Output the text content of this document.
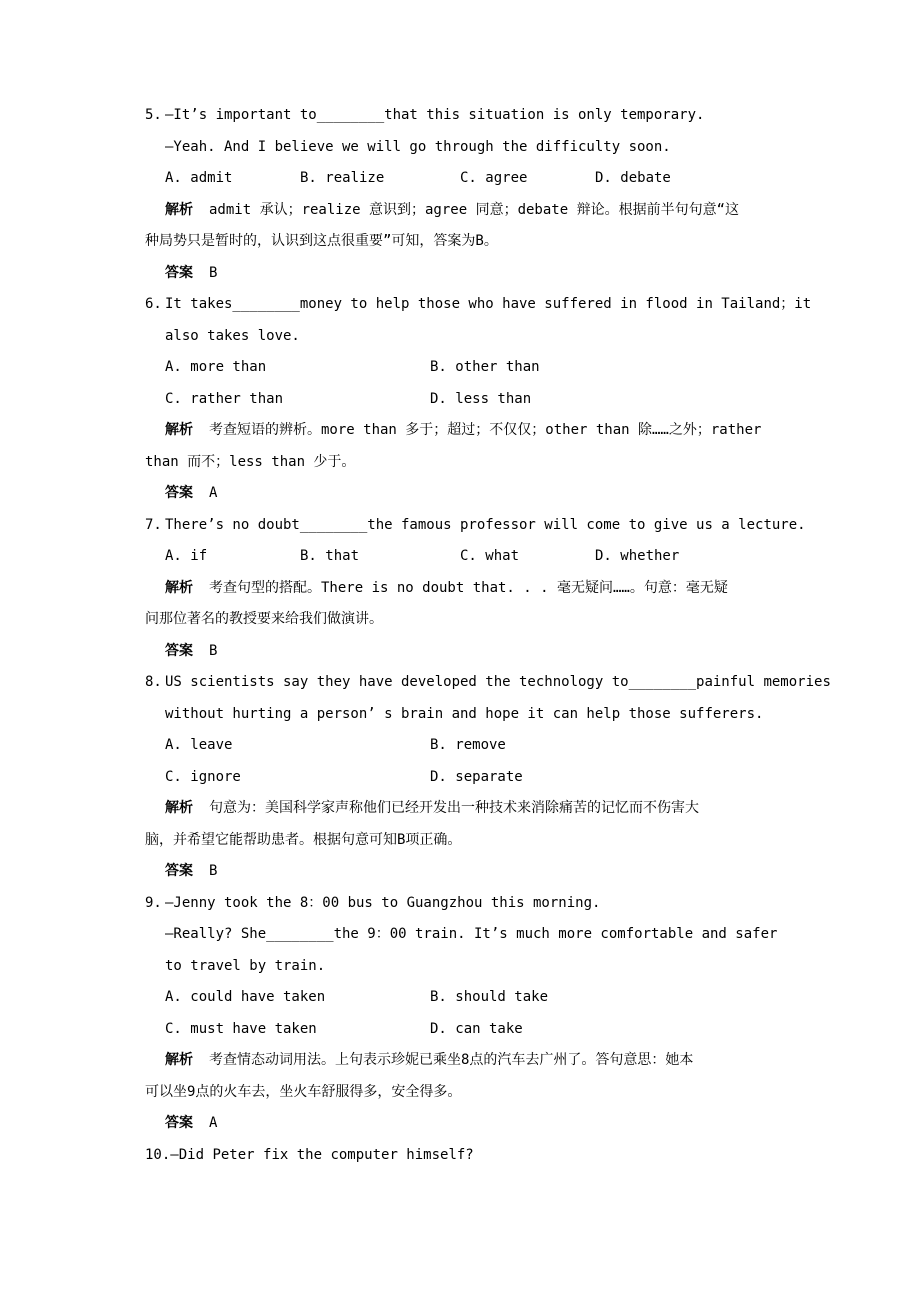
5. —It’s important to________that this situation is only temporary.
—Yeah. And I believe we will go through the difficulty soon.
A. admit	B. realize	C. agree	D. debate
解析 admit 承认；realize 意识到；agree 同意；debate 辩论。根据前半句句意“这
种局势只是暂时的，认识到这点很重要”可知，答案为B。
答案 B
6. It takes________money to help those who have suffered in flood in Tailand；it
also takes love.
A. more than	B. other than
C. rather than	D. less than
解析 考查短语的辨析。more than 多于；超过；不仅仅；other than 除……之外；rather
than 而不；less than 少于。
答案 A
7. There’s no doubt________the famous professor will come to give us a lecture.
A. if	B. that	C. what	D. whether
解析 考查句型的搭配。There is no doubt that. . . 毫无疑问……。句意：毫无疑
问那位著名的教授要来给我们做演讲。
答案 B
8. US scientists say they have developed the technology to________painful memories
without hurting a person’ s brain and hope it can help those sufferers.
A. leave	B. remove
C. ignore	D. separate
解析 句意为：美国科学家声称他们已经开发出一种技术来消除痛苦的记忆而不伤害大
脑，并希望它能帮助患者。根据句意可知B项正确。
答案 B
9. —Jenny took the 8：00 bus to Guangzhou this morning.
—Really? She________the 9：00 train. It’s much more comfortable and safer
to travel by train.
A. could have taken	B. should take
C. must have taken	D. can take
解析 考查情态动词用法。上句表示珍妮已乘坐8点的汽车去广州了。答句意思：她本
可以坐9点的火车去，坐火车舒服得多，安全得多。
答案 A
10.—Did Peter fix the computer himself?
